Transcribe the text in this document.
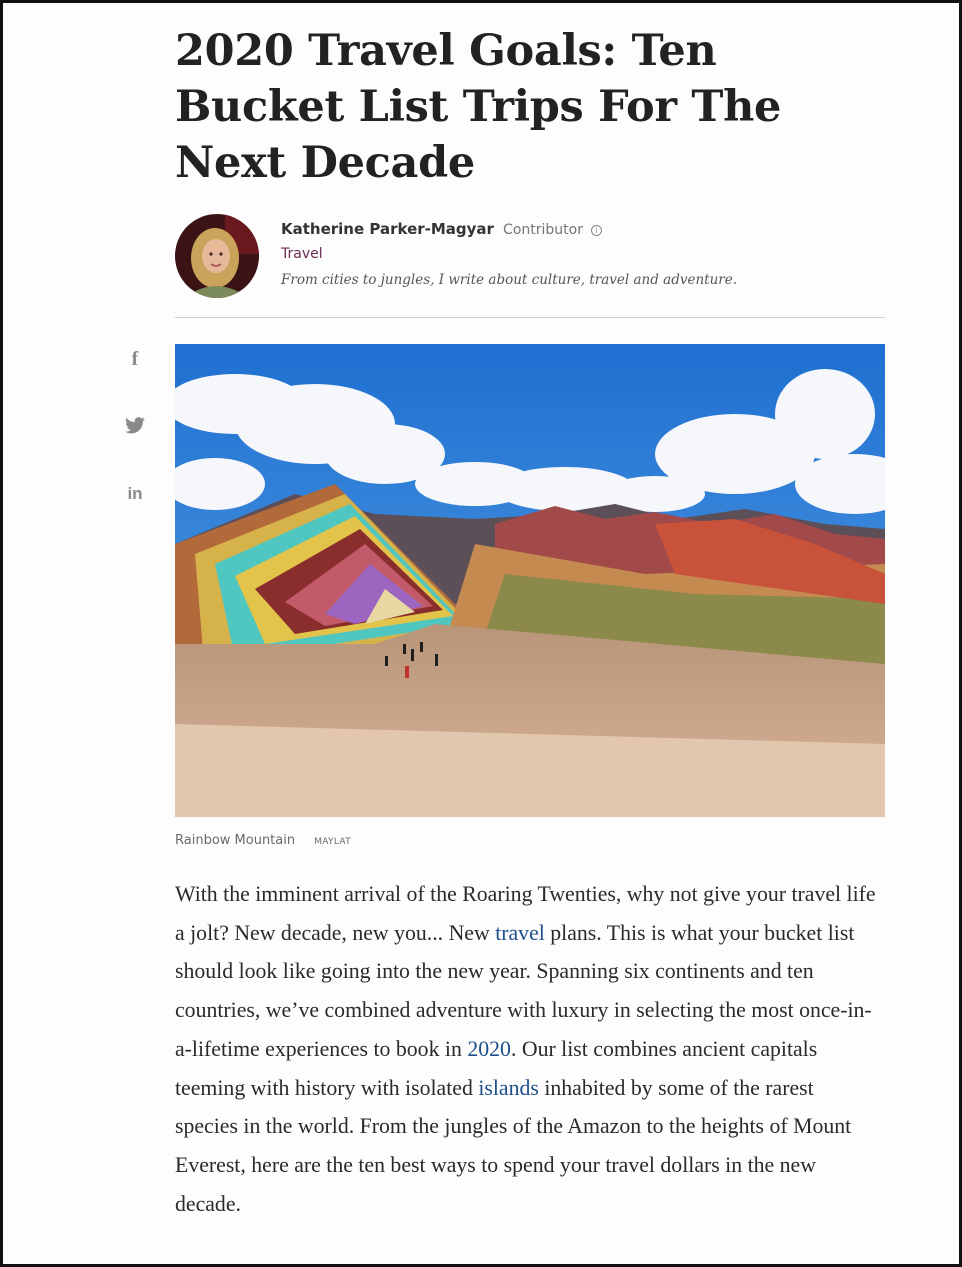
2020 Travel Goals: Ten Bucket List Trips For The Next Decade
Katherine Parker-Magyar Contributor i
Travel
From cities to jungles, I write about culture, travel and adventure.
f
in
Rainbow Mountain MAYLAT

With the imminent arrival of the Roaring Twenties, why not give your travel life a jolt? New decade, new you... New travel plans. This is what your bucket list should look like going into the new year. Spanning six continents and ten countries, we’ve combined adventure with luxury in selecting the most once-in-a-lifetime experiences to book in 2020. Our list combines ancient capitals teeming with history with isolated islands inhabited by some of the rarest species in the world. From the jungles of the Amazon to the heights of Mount Everest, here are the ten best ways to spend your travel dollars in the new decade.
